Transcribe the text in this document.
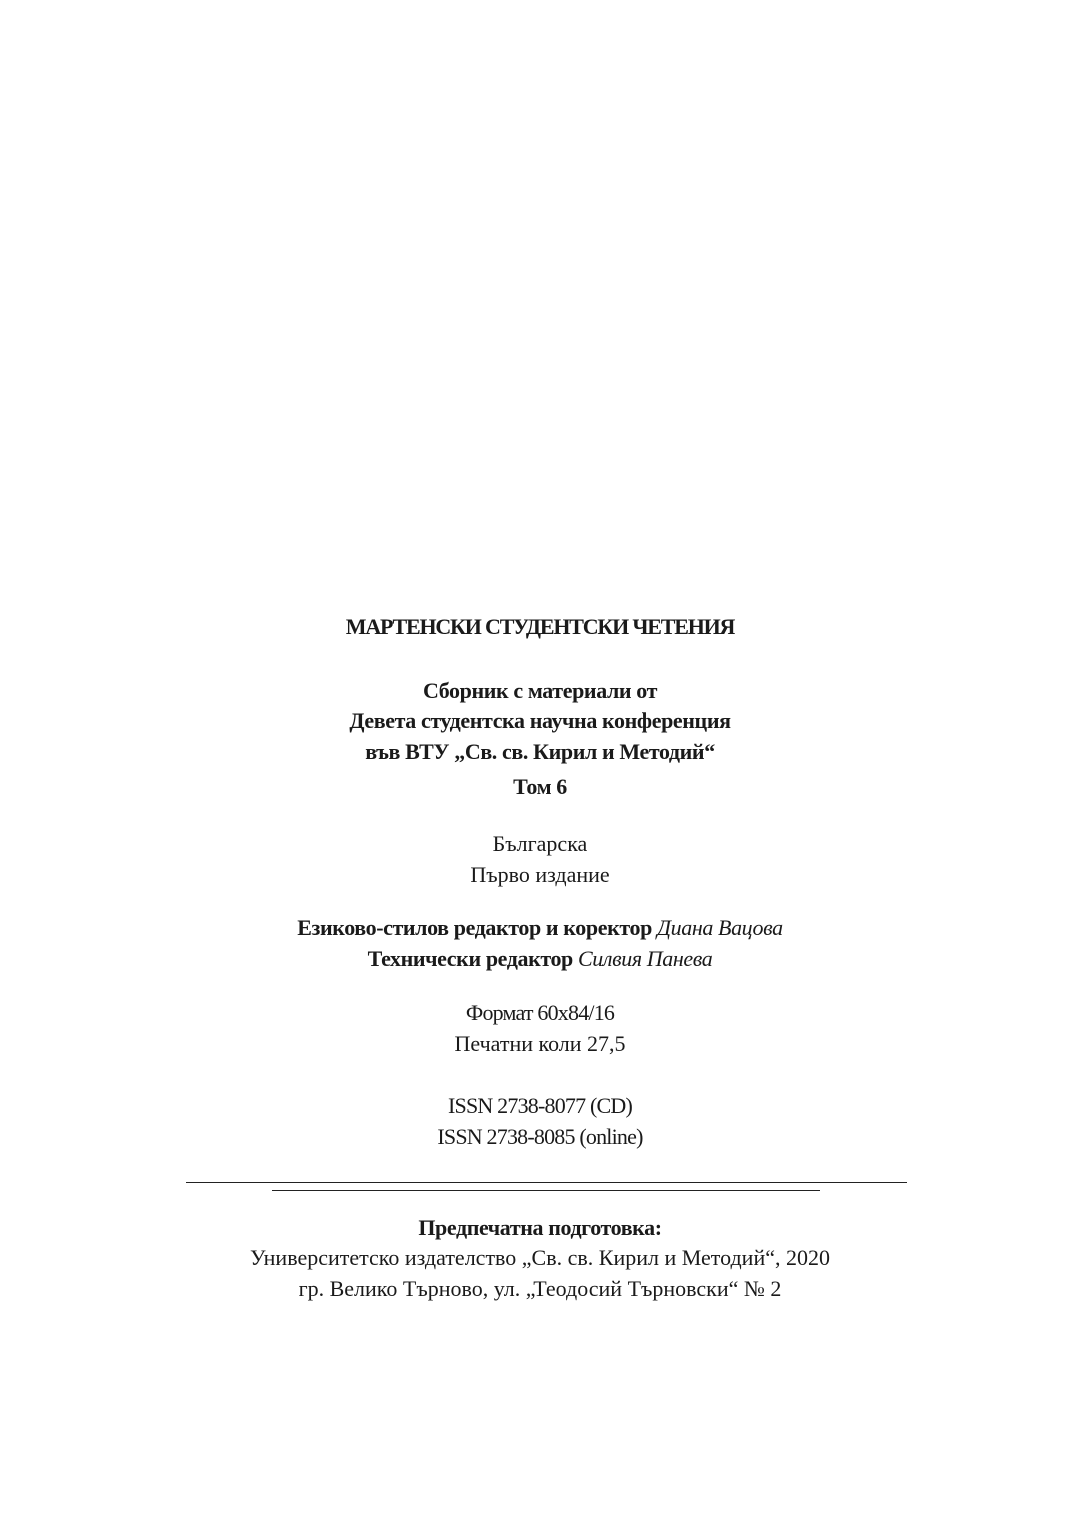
МАРТЕНСКИ СТУДЕНТСКИ ЧЕТЕНИЯ
Сборник с материали от
Девета студентска научна конференция
във ВТУ „Св. св. Кирил и Методий“
Том 6
Българска
Първо издание
Езиково-стилов редактор и коректор Диана Вацова
Технически редактор Силвия Панева
Формат 60х84/16
Печатни коли 27,5
ISSN 2738-8077 (CD)
ISSN 2738-8085 (online)
Предпечатна подготовка:
Университетско издателство „Св. св. Кирил и Методий“, 2020
гр. Велико Търново, ул. „Теодосий Търновски“ № 2
